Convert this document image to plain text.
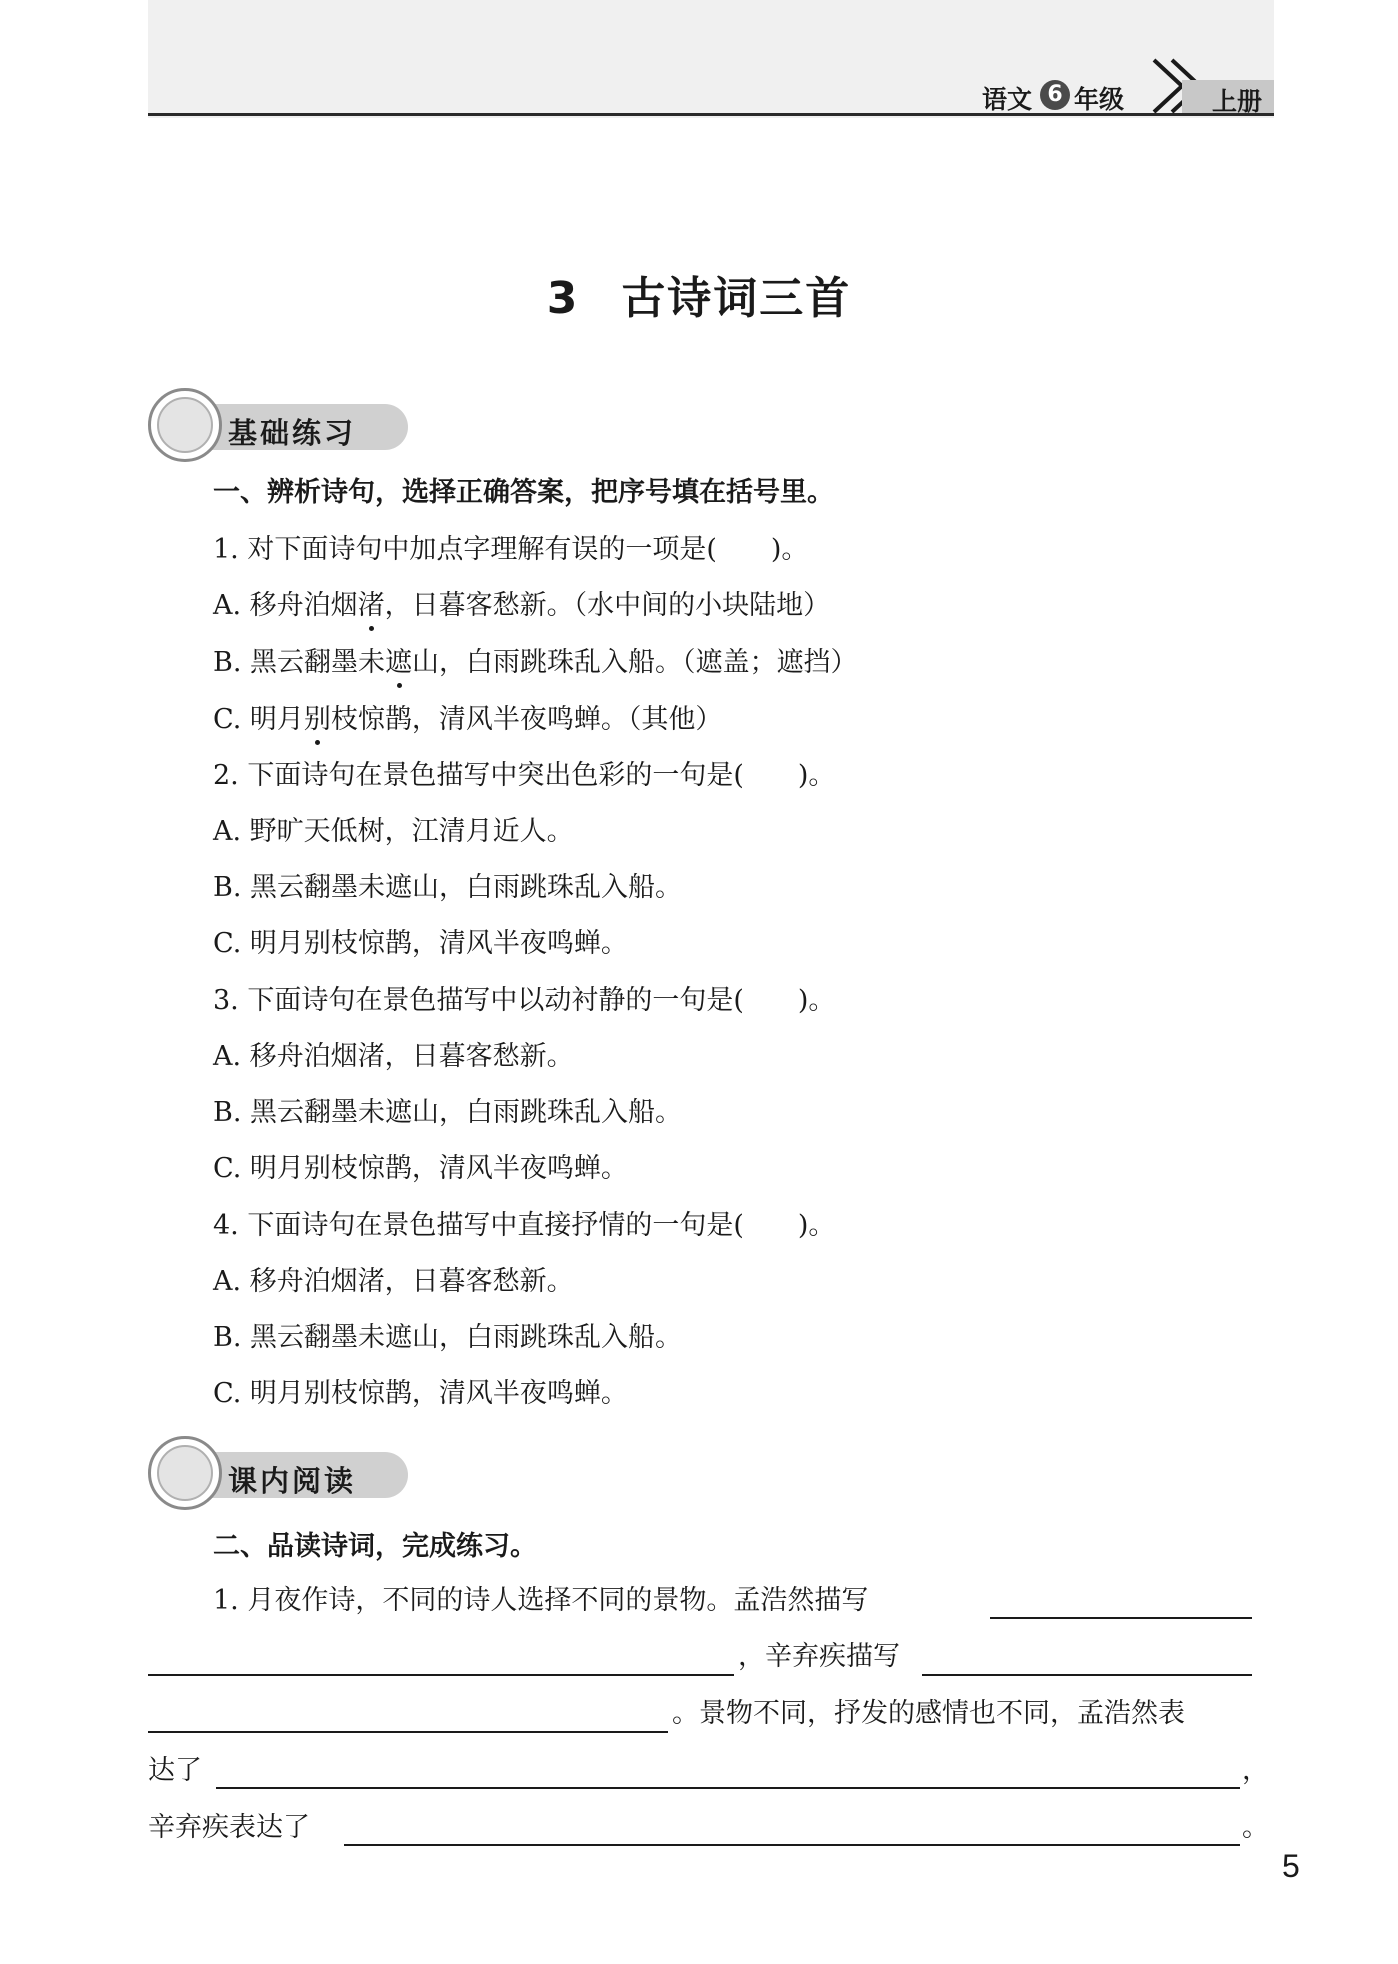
语文 6 年级	上册
3 古诗词三首
基础练习
一、辨析诗句，选择正确答案，把序号填在括号里。
1. 对下面诗句中加点字理解有误的一项是(　　)。
A. 移舟泊烟渚，日暮客愁新。（水中间的小块陆地）
B. 黑云翻墨未遮山，白雨跳珠乱入船。（遮盖；遮挡）
C. 明月别枝惊鹊，清风半夜鸣蝉。（其他）
2. 下面诗句在景色描写中突出色彩的一句是(　　)。
A. 野旷天低树，江清月近人。
B. 黑云翻墨未遮山，白雨跳珠乱入船。
C. 明月别枝惊鹊，清风半夜鸣蝉。
3. 下面诗句在景色描写中以动衬静的一句是(　　)。
A. 移舟泊烟渚，日暮客愁新。
B. 黑云翻墨未遮山，白雨跳珠乱入船。
C. 明月别枝惊鹊，清风半夜鸣蝉。
4. 下面诗句在景色描写中直接抒情的一句是(　　)。
A. 移舟泊烟渚，日暮客愁新。
B. 黑云翻墨未遮山，白雨跳珠乱入船。
C. 明月别枝惊鹊，清风半夜鸣蝉。
课内阅读
二、品读诗词，完成练习。
1. 月夜作诗，不同的诗人选择不同的景物。孟浩然描写
，辛弃疾描写
。景物不同，抒发的感情也不同，孟浩然表
达了	，
辛弃疾表达了	。
5
